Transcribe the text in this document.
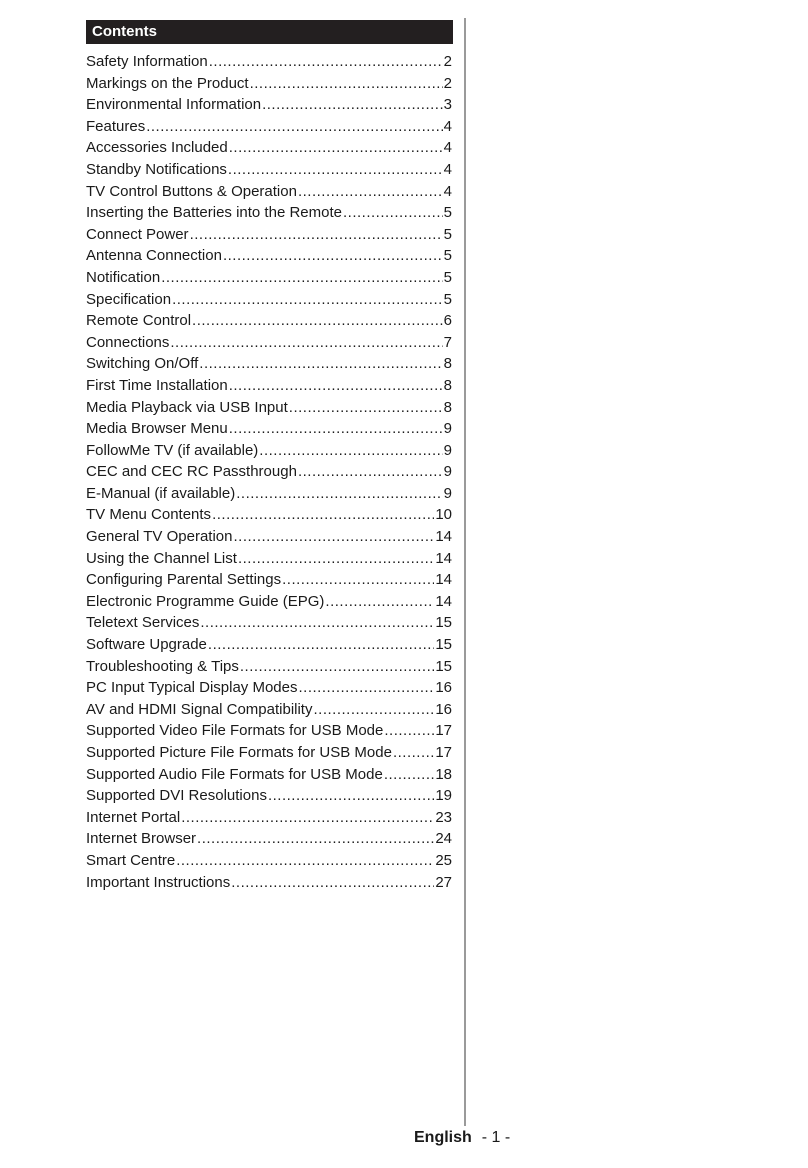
Contents
Safety Information .....	2
Markings on the Product .....	2
Environmental Information .....	3
Features .....	4
Accessories Included .....	4
Standby Notifications .....	4
TV Control Buttons & Operation .....	4
Inserting the Batteries into the Remote .....	5
Connect Power .....	5
Antenna Connection .....	5
Notification .....	5
Specification .....	5
Remote Control .....	6
Connections .....	7
Switching On/Off .....	8
First Time Installation .....	8
Media Playback via USB Input .....	8
Media Browser Menu .....	9
FollowMe TV (if available) .....	9
CEC and CEC RC Passthrough .....	9
E-Manual (if available) .....	9
TV Menu Contents .....	10
General TV Operation .....	14
Using the Channel List .....	14
Configuring Parental Settings .....	14
Electronic Programme Guide (EPG) .....	14
Teletext Services .....	15
Software Upgrade .....	15
Troubleshooting & Tips .....	15
PC Input Typical Display Modes .....	16
AV and HDMI Signal Compatibility .....	16
Supported Video File Formats for USB Mode .....	17
Supported Picture File Formats for USB Mode .....	17
Supported Audio File Formats for USB Mode .....	18
Supported DVI Resolutions .....	19
Internet Portal .....	23
Internet Browser .....	24
Smart Centre .....	25
Important Instructions .....	27
English - 1 -
